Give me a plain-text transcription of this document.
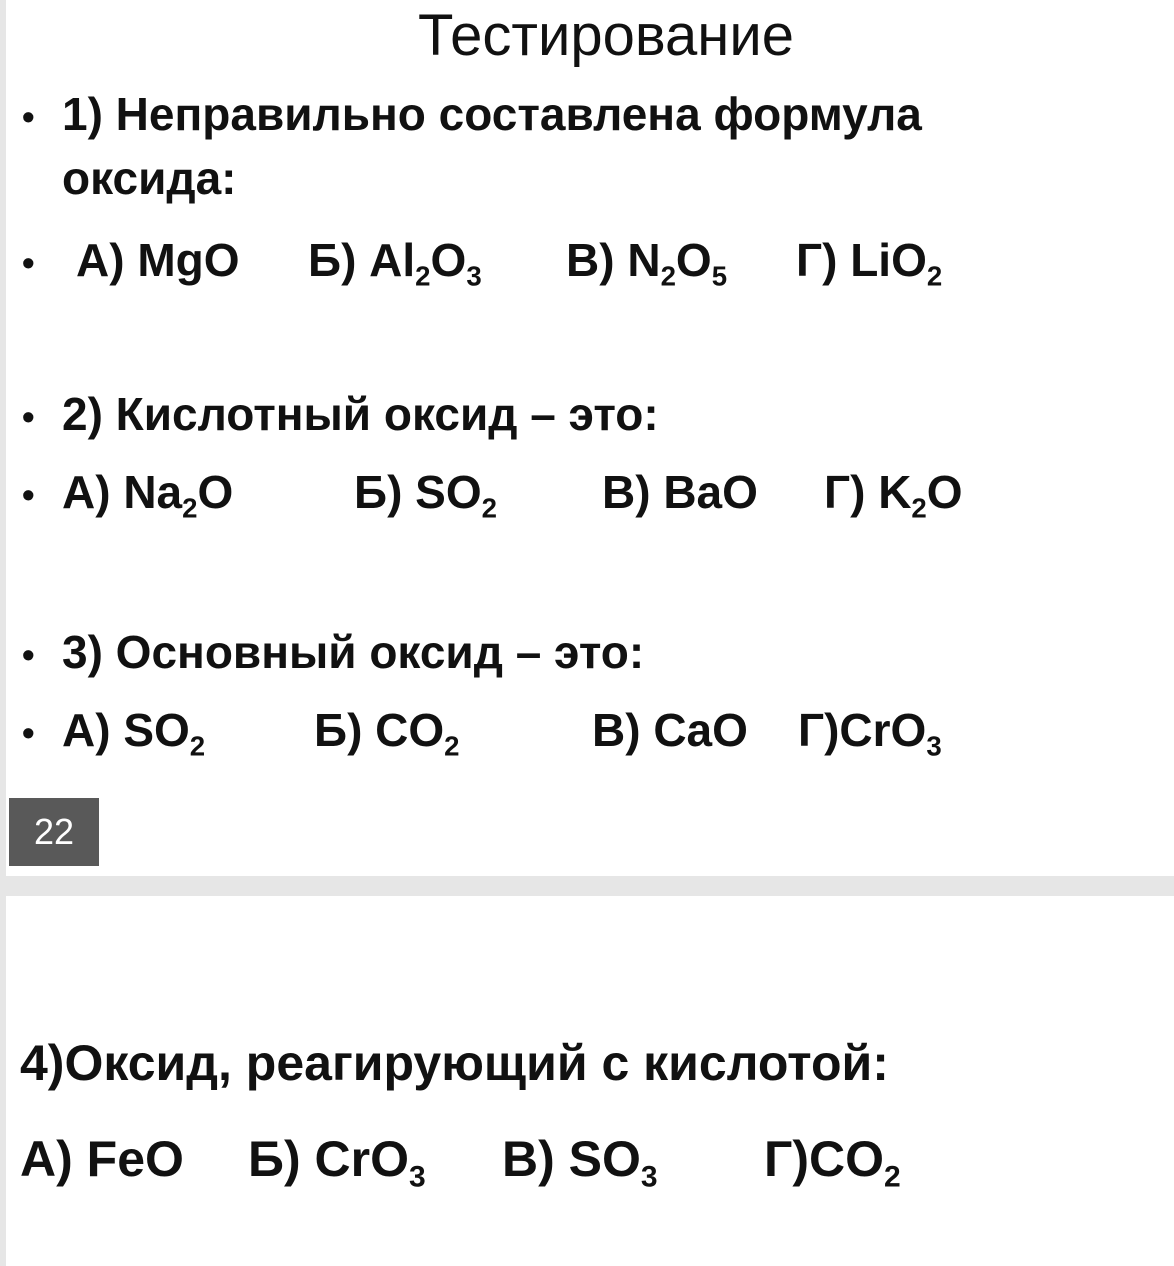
Тестирование
• 1) Неправильно составлена формула
оксида:
• А) MgO Б) $Al_2O_3$ В) $N_2O_5$ Г) LiO$_2$
• 2) Кислотный оксид – это:
• А) $Na_2O$	Б) $SO_2$ В) BaO Г) $K_2O$
• 3) Основный оксид – это:
• А) $SO_2$ Б) $CO_2$	В) CaO Г)CrO$_3$
22
4)Оксид, реагирующий с кислотой:
А) FeO Б) CrO$_3$ В) $SO_3$ $Г)CO_2$
